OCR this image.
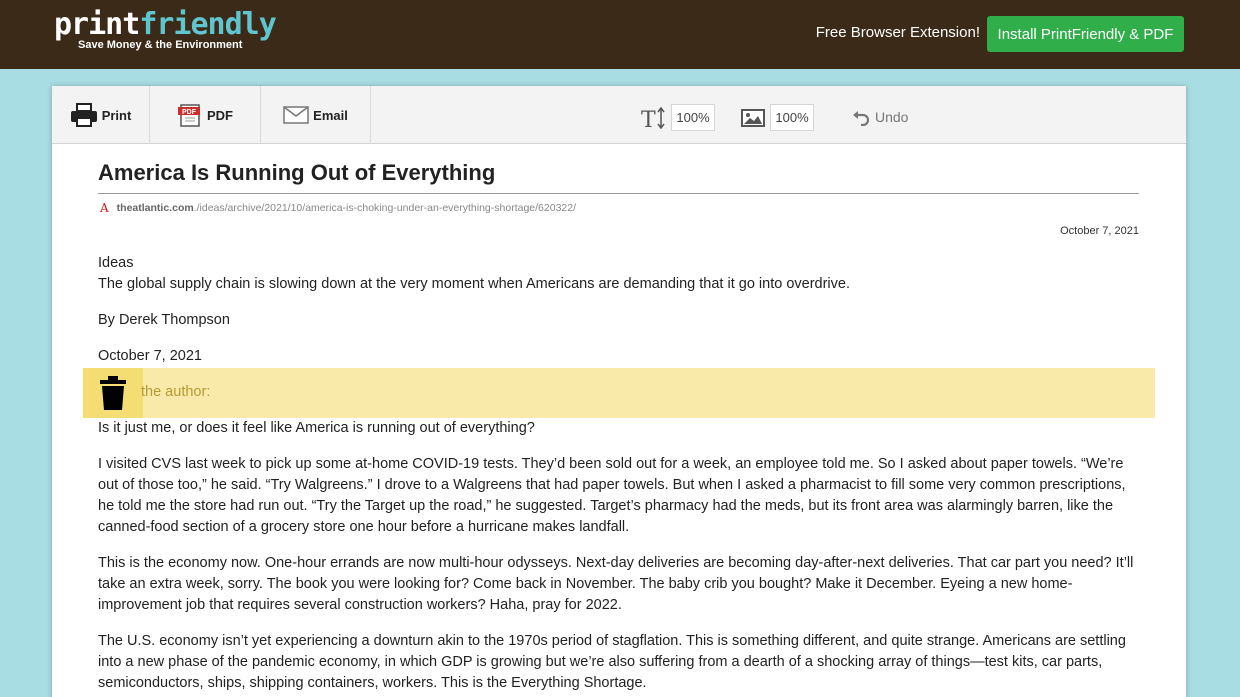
printfriendly
Save Money & the Environment
Free Browser Extension!	Install PrintFriendly & PDF
Print	PDF PDF	Email	T	100%	100%	Undo
America Is Running Out of Everything
A theatlantic.com ./ideas/archive/2021/10/america-is-choking-under-an-everything-shortage/620322/
October 7, 2021
Ideas
The global supply chain is slowing down at the very moment when Americans are demanding that it go into overdrive.
By Derek Thompson
October 7, 2021
the author:
Is it just me, or does it feel like America is running out of everything?
I visited CVS last week to pick up some at-home COVID-19 tests. They’d been sold out for a week, an employee told me. So I asked about paper towels. “We’re out of those too,” he said. “Try Walgreens.” I drove to a Walgreens that had paper towels. But when I asked a pharmacist to fill some very common prescriptions, he told me the store had run out. “Try the Target up the road,” he suggested. Target’s pharmacy had the meds, but its front area was alarmingly barren, like the canned-food section of a grocery store one hour before a hurricane makes landfall.
This is the economy now. One-hour errands are now multi-hour odysseys. Next-day deliveries are becoming day-after-next deliveries. That car part you need? It’ll take an extra week, sorry. The book you were looking for? Come back in November. The baby crib you bought? Make it December. Eyeing a new home-improvement job that requires several construction workers? Haha, pray for 2022.
The U.S. economy isn’t yet experiencing a downturn akin to the 1970s period of stagflation. This is something different, and quite strange. Americans are settling into a new phase of the pandemic economy, in which GDP is growing but we’re also suffering from a dearth of a shocking array of things—test kits, car parts, semiconductors, ships, shipping containers, workers. This is the Everything Shortage.
